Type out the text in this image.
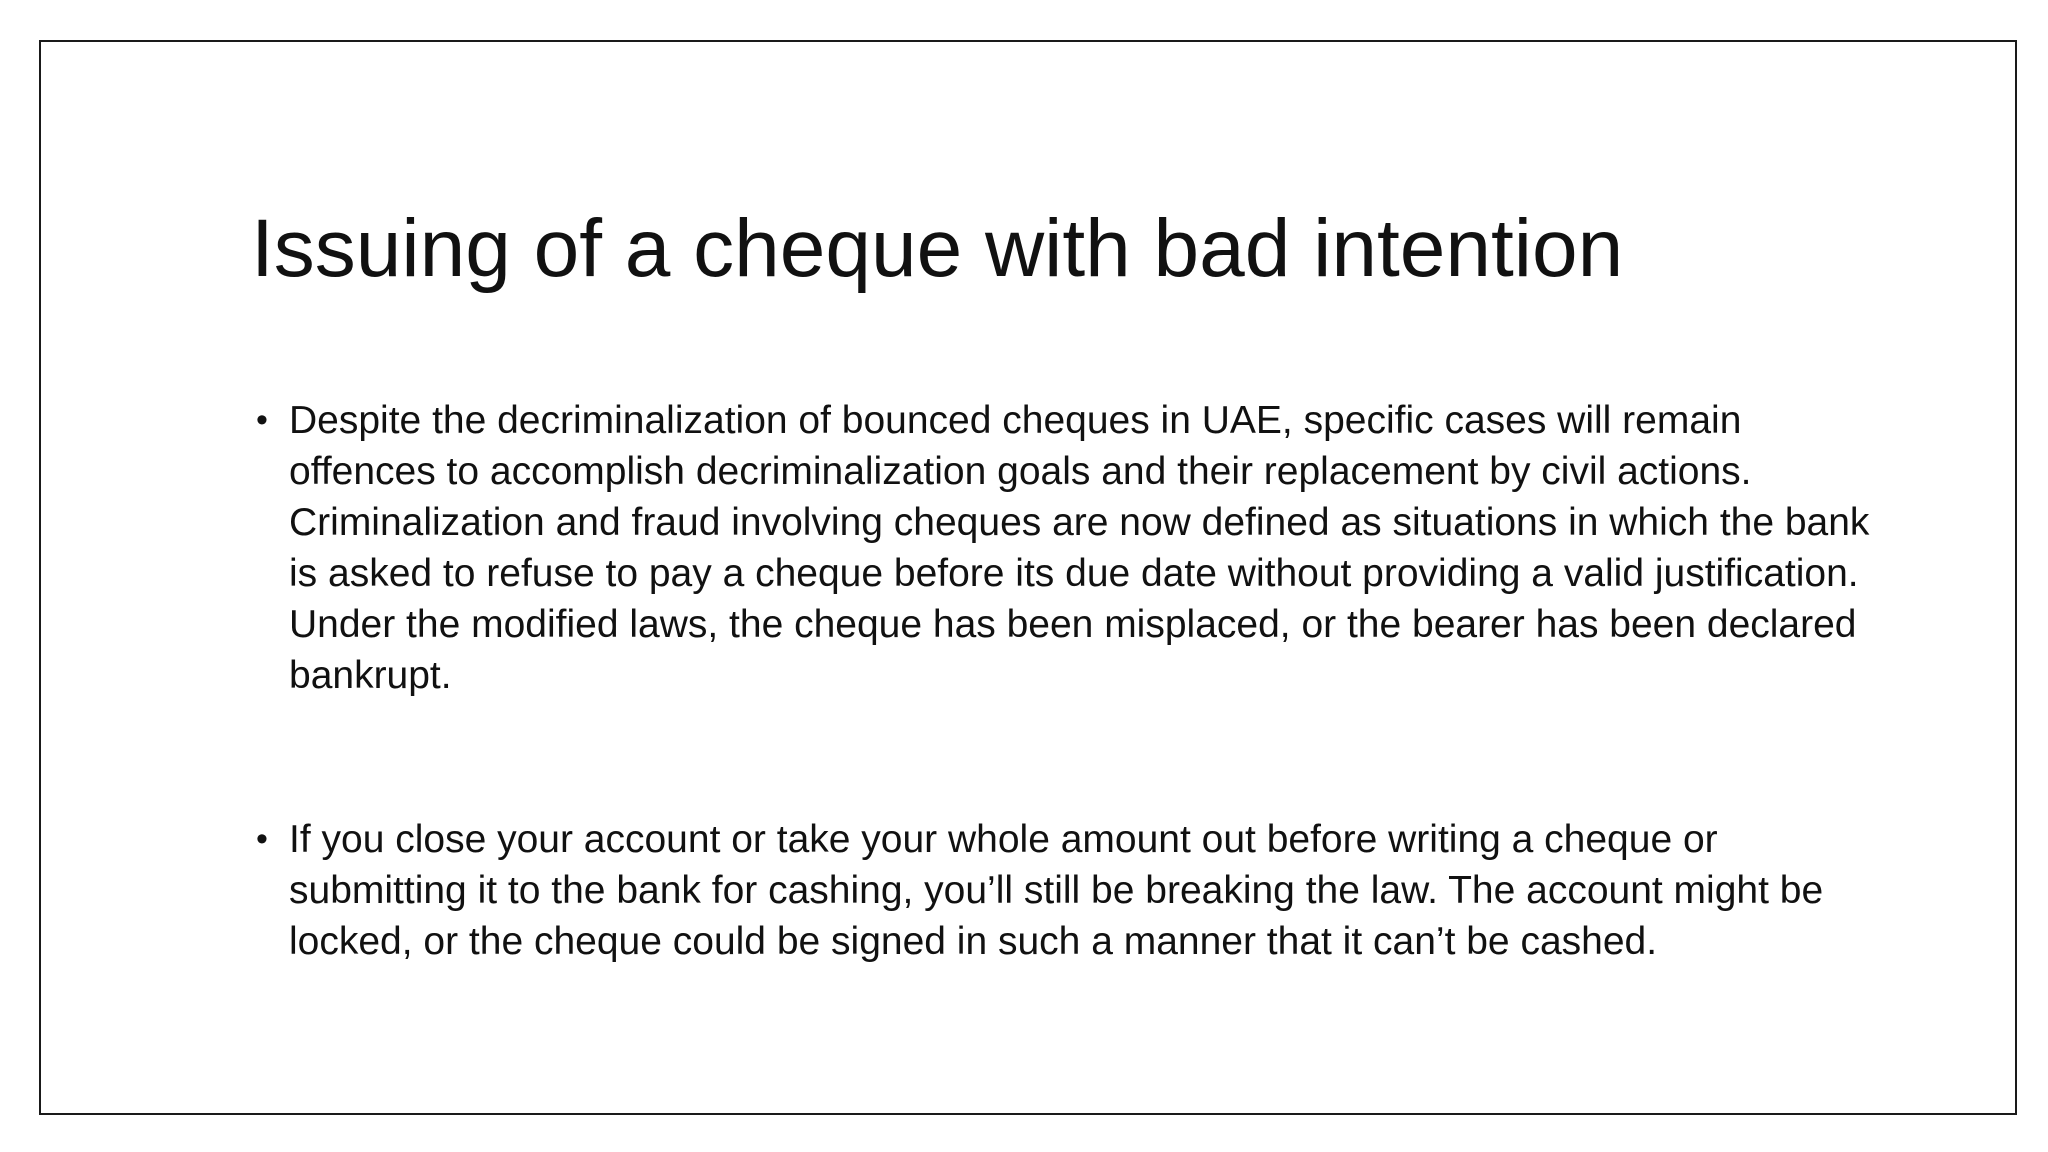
Issuing of a cheque with bad intention
• Despite the decriminalization of bounced cheques in UAE, specific cases will remain offences to accomplish decriminalization goals and their replacement by civil actions. Criminalization and fraud involving cheques are now defined as situations in which the bank is asked to refuse to pay a cheque before its due date without providing a valid justification. Under the modified laws, the cheque has been misplaced, or the bearer has been declared bankrupt.
• If you close your account or take your whole amount out before writing a cheque or submitting it to the bank for cashing, you’ll still be breaking the law. The account might be locked, or the cheque could be signed in such a manner that it can’t be cashed.
